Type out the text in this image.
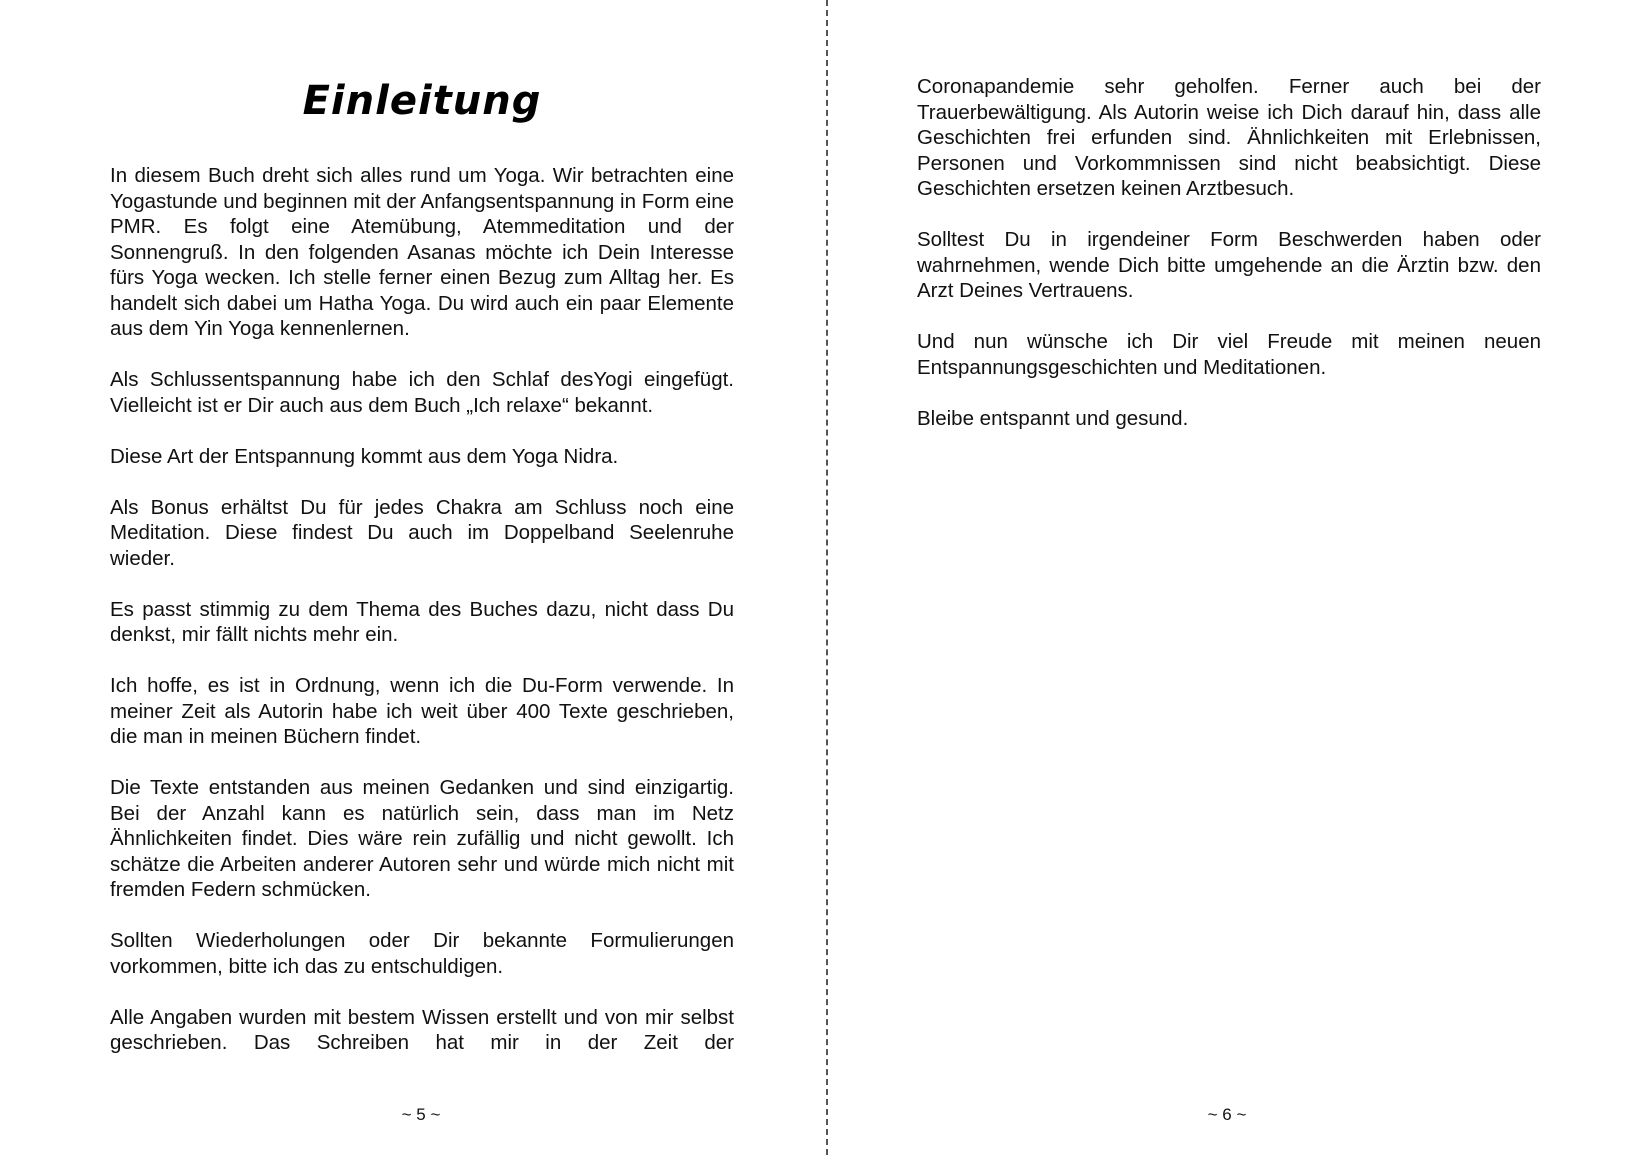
Einleitung

In diesem Buch dreht sich alles rund um Yoga. Wir betrachten eine Yogastunde und beginnen mit der Anfangsentspannung in Form eine PMR. Es folgt eine Atemübung, Atemmeditation und der Sonnengruß. In den folgenden Asanas möchte ich Dein Interesse fürs Yoga wecken. Ich stelle ferner einen Bezug zum Alltag her. Es handelt sich dabei um Hatha Yoga. Du wird auch ein paar Elemente aus dem Yin Yoga kennenlernen.

Als Schlussentspannung habe ich den Schlaf desYogi eingefügt. Vielleicht ist er Dir auch aus dem Buch „Ich relaxe“ bekannt.

Diese Art der Entspannung kommt aus dem Yoga Nidra.

Als Bonus erhältst Du für jedes Chakra am Schluss noch eine Meditation. Diese findest Du auch im Doppelband Seelenruhe wieder.

Es passt stimmig zu dem Thema des Buches dazu, nicht dass Du denkst, mir fällt nichts mehr ein.

Ich hoffe, es ist in Ordnung, wenn ich die Du-Form verwende. In meiner Zeit als Autorin habe ich weit über 400 Texte geschrieben, die man in meinen Büchern findet.

Die Texte entstanden aus meinen Gedanken und sind einzigartig. Bei der Anzahl kann es natürlich sein, dass man im Netz Ähnlichkeiten findet. Dies wäre rein zufällig und nicht gewollt. Ich schätze die Arbeiten anderer Autoren sehr und würde mich nicht mit fremden Federn schmücken.

Sollten Wiederholungen oder Dir bekannte Formulierungen vorkommen, bitte ich das zu entschuldigen.

Alle Angaben wurden mit bestem Wissen erstellt und von mir selbst geschrieben. Das Schreiben hat mir in der Zeit der

~ 5 ~

Coronapandemie sehr geholfen. Ferner auch bei der Trauerbewältigung. Als Autorin weise ich Dich darauf hin, dass alle Geschichten frei erfunden sind. Ähnlichkeiten mit Erlebnissen, Personen und Vorkommnissen sind nicht beabsichtigt. Diese Geschichten ersetzen keinen Arztbesuch.

Solltest Du in irgendeiner Form Beschwerden haben oder wahrnehmen, wende Dich bitte umgehende an die Ärztin bzw. den Arzt Deines Vertrauens.

Und nun wünsche ich Dir viel Freude mit meinen neuen Entspannungsgeschichten und Meditationen.

Bleibe entspannt und gesund.

~ 6 ~
